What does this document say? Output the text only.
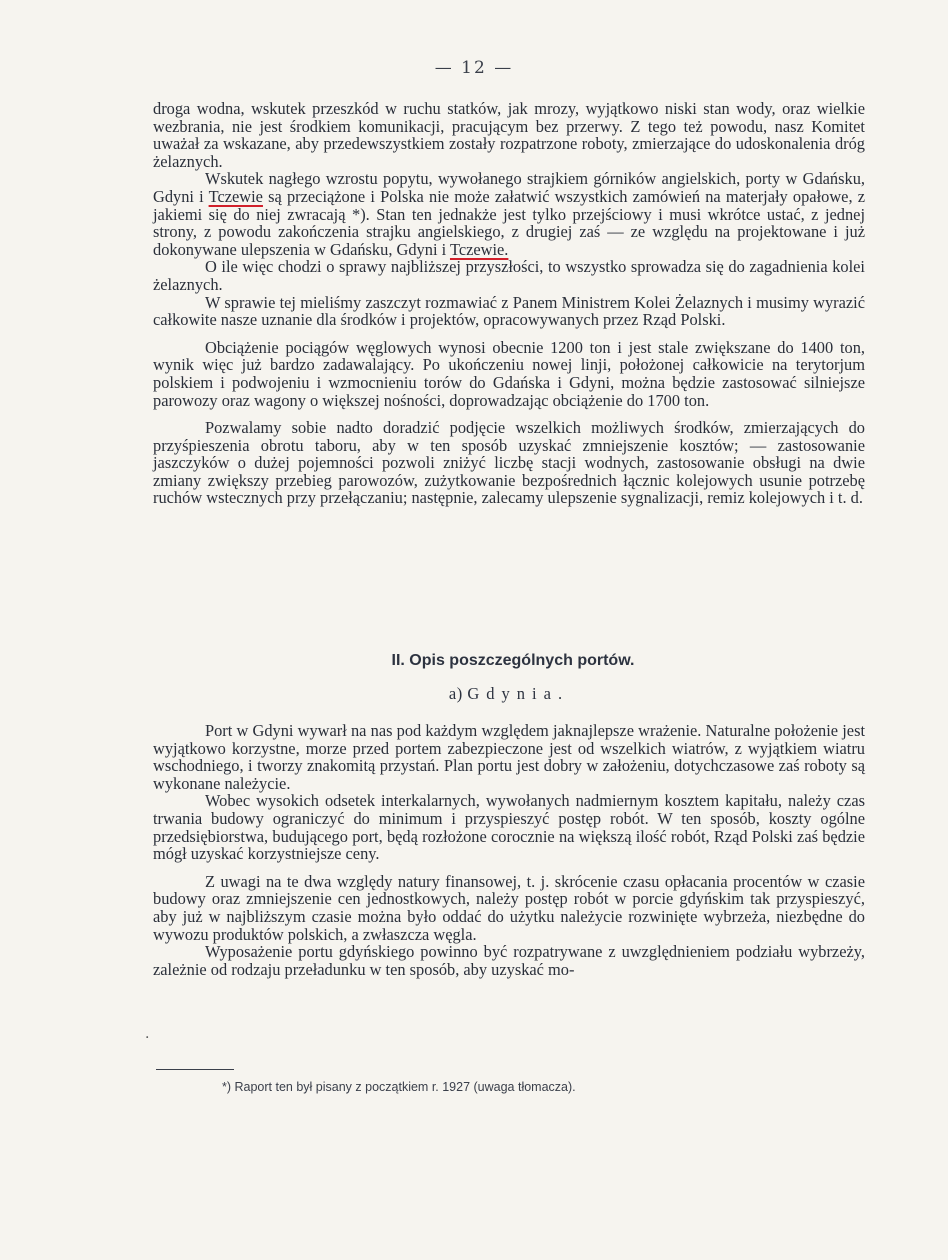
— 12 —

droga wodna, wskutek przeszkód w ruchu statków, jak mrozy, wyjątkowo niski stan wody, oraz wielkie wezbrania, nie jest środkiem komunikacji, pracującym bez przerwy. Z tego też powodu, nasz Komitet uważał za wskazane, aby przedewszystkiem zostały rozpatrzone roboty, zmierzające do udoskonalenia dróg żelaznych.

Wskutek nagłego wzrostu popytu, wywołanego strajkiem górników angielskich, porty w Gdańsku, Gdyni i Tczewie są przeciążone i Polska nie może załatwić wszystkich zamówień na materjały opałowe, z jakiemi się do niej zwracają *). Stan ten jednakże jest tylko przejściowy i musi wkrótce ustać, z jednej strony, z powodu zakończenia strajku angielskiego, z drugiej zaś — ze względu na projektowane i już dokonywane ulepszenia w Gdańsku, Gdyni i Tczewie.

O ile więc chodzi o sprawy najbliższej przyszłości, to wszystko sprowadza się do zagadnienia kolei żelaznych.

W sprawie tej mieliśmy zaszczyt rozmawiać z Panem Ministrem Kolei Żelaznych i musimy wyrazić całkowite nasze uznanie dla środków i projektów, opracowywanych przez Rząd Polski.

Obciążenie pociągów węglowych wynosi obecnie 1200 ton i jest stale zwiększane do 1400 ton, wynik więc już bardzo zadawalający. Po ukończeniu nowej linji, położonej całkowicie na terytorjum polskiem i podwojeniu i wzmocnieniu torów do Gdańska i Gdyni, można będzie zastosować silniejsze parowozy oraz wagony o większej nośności, doprowadzając obciążenie do 1700 ton.

Pozwalamy sobie nadto doradzić podjęcie wszelkich możliwych środków, zmierzających do przyśpieszenia obrotu taboru, aby w ten sposób uzyskać zmniejszenie kosztów; — zastosowanie jaszczyków o dużej pojemności pozwoli zniżyć liczbę stacji wodnych, zastosowanie obsługi na dwie zmiany zwiększy przebieg parowozów, zużytkowanie bezpośrednich łącznic kolejowych usunie potrzebę ruchów wstecznych przy przełączaniu; następnie, zalecamy ulepszenie sygnalizacji, remiz kolejowych i t. d.

II. Opis poszczególnych portów.
a) Gdynia.

Port w Gdyni wywarł na nas pod każdym względem jaknajlepsze wrażenie. Naturalne położenie jest wyjątkowo korzystne, morze przed portem zabezpieczone jest od wszelkich wiatrów, z wyjątkiem wiatru wschodniego, i tworzy znakomitą przystań. Plan portu jest dobry w założeniu, dotychczasowe zaś roboty są wykonane należycie.

Wobec wysokich odsetek interkalarnych, wywołanych nadmiernym kosztem kapitału, należy czas trwania budowy ograniczyć do minimum i przyspieszyć postęp robót. W ten sposób, koszty ogólne przedsiębiorstwa, budującego port, będą rozłożone corocznie na większą ilość robót, Rząd Polski zaś będzie mógł uzyskać korzystniejsze ceny.

Z uwagi na te dwa względy natury finansowej, t. j. skrócenie czasu opłacania procentów w czasie budowy oraz zmniejszenie cen jednostkowych, należy postęp robót w porcie gdyńskim tak przyspieszyć, aby już w najbliższym czasie można było oddać do użytku należycie rozwinięte wybrzeża, niezbędne do wywozu produktów polskich, a zwłaszcza węgla.

Wyposażenie portu gdyńskiego powinno być rozpatrywane z uwzględnieniem podziału wybrzeży, zależnie od rodzaju przeładunku w ten sposób, aby uzyskać mo-

·
*) Raport ten był pisany z początkiem r. 1927 (uwaga tłomacza).
